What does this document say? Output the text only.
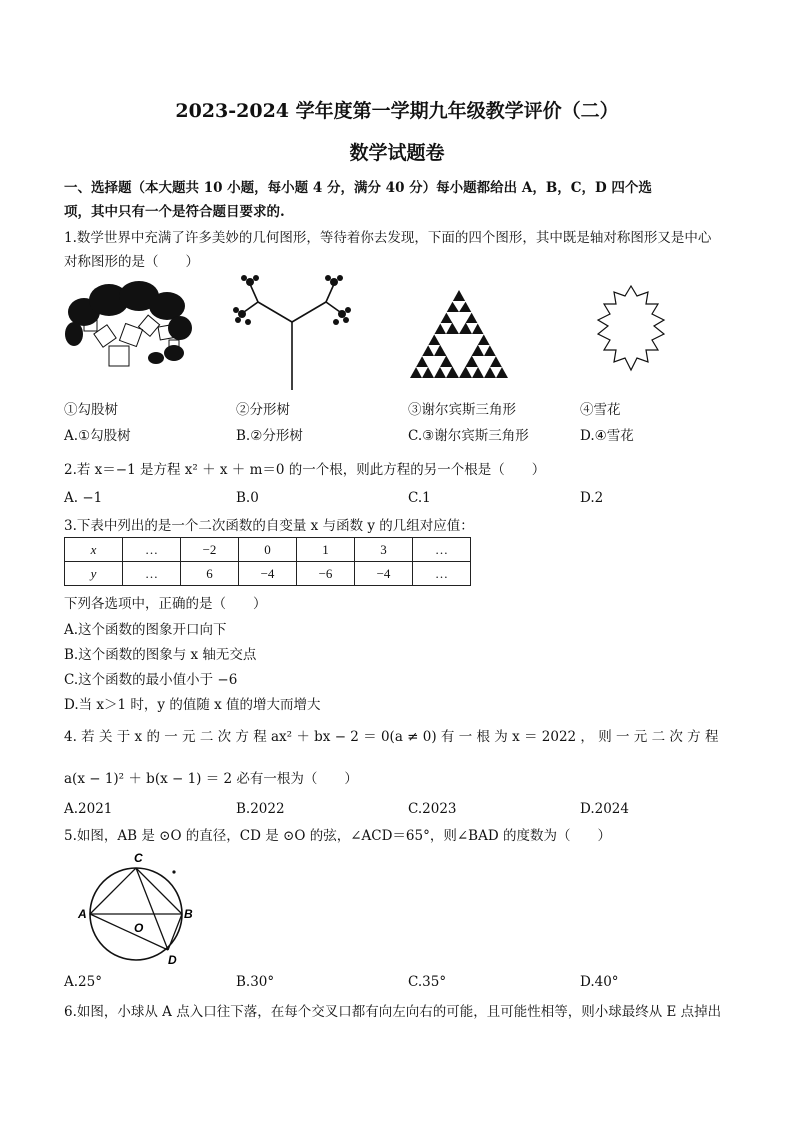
2023-2024 学年度第一学期九年级教学评价（二）
数学试题卷
一、选择题（本大题共 10 小题，每小题 4 分，满分 40 分）每小题都给出 A，B，C，D 四个选
项，其中只有一个是符合题目要求的.
1.数学世界中充满了许多美妙的几何图形，等待着你去发现，下面的四个图形，其中既是轴对称图形又是中心
对称图形的是（　　）
①勾股树	②分形树	③谢尔宾斯三角形	④雪花
A.①勾股树	B.②分形树	C.③谢尔宾斯三角形	D.④雪花
2.若 x＝−1 是方程 x² ＋ x ＋ m＝0 的一个根，则此方程的另一个根是（　　）
A. −1	B.0	C.1	D.2
3.下表中列出的是一个二次函数的自变量 x 与函数 y 的几组对应值：
x	…	−2	0	1	3	…
y	…	6	−4	−6	−4	…
下列各选项中，正确的是（　　）
A.这个函数的图象开口向下
B.这个函数的图象与 x 轴无交点
C.这个函数的最小值小于 −6
D.当 x＞1 时，y 的值随 x 值的增大而增大
4. 若 关 于 x 的 一 元 二 次 方 程 ax² ＋ bx − 2 ＝ 0(a ≠ 0) 有 一 根 为 x ＝ 2022 ， 则 一 元 二 次 方 程
a(x − 1)² ＋ b(x − 1) ＝ 2 必有一根为（　　）
A.2021	B.2022	C.2023	D.2024
5.如图，AB 是 ⊙O 的直径，CD 是 ⊙O 的弦，∠ACD＝65°，则∠BAD 的度数为（　　）
C
A
O
B
D
A.25°	B.30°	C.35°	D.40°
6.如图，小球从 A 点入口往下落，在每个交叉口都有向左向右的可能，且可能性相等，则小球最终从 E 点掉出
